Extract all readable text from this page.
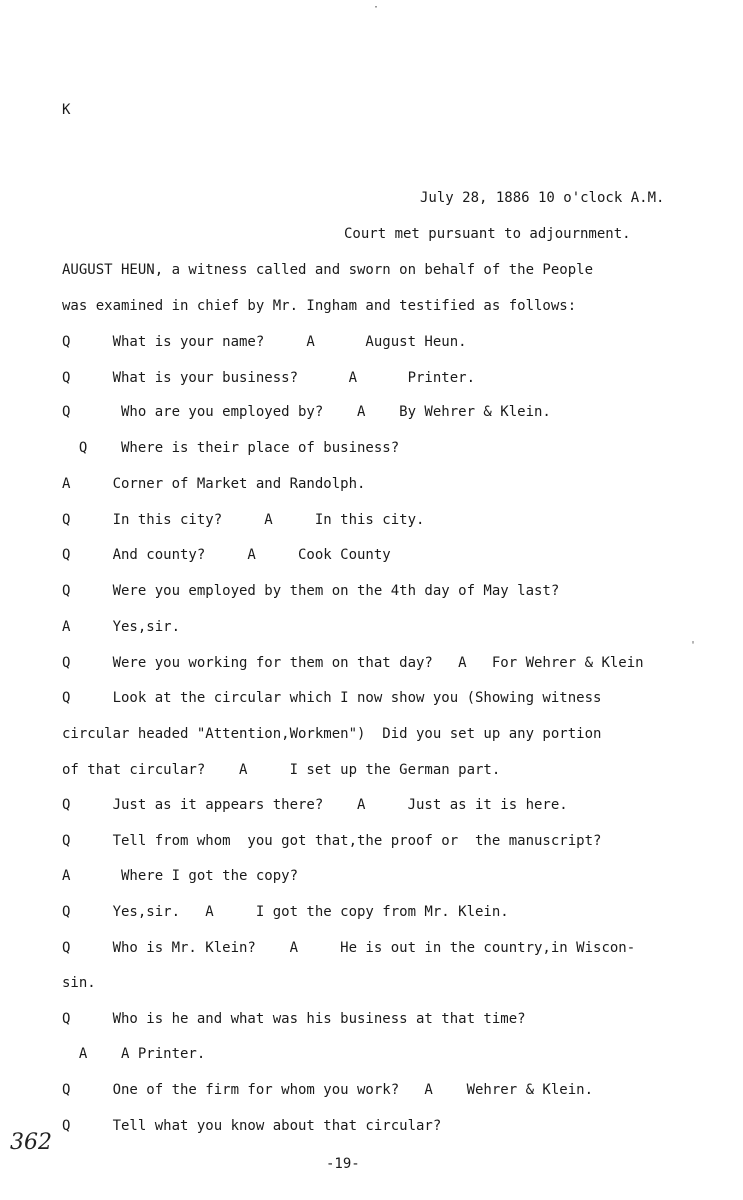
K
July 28, 1886 10 o'clock A.M.
Court met pursuant to adjournment.
AUGUST HEUN, a witness called and sworn on behalf of the People
was examined in chief by Mr. Ingham and testified as follows:
Q     What is your name?     A      August Heun.
Q     What is your business?      A      Printer.
Q      Who are you employed by?    A    By Wehrer & Klein.
Q    Where is their place of business?
A     Corner of Market and Randolph.
Q     In this city?     A     In this city.
Q     And county?     A     Cook County
Q     Were you employed by them on the 4th day of May last?
A     Yes,sir.
Q     Were you working for them on that day?   A   For Wehrer & Klein
Q     Look at the circular which I now show you (Showing witness
circular headed "Attention,Workmen")  Did you set up any portion
of that circular?    A     I set up the German part.
Q     Just as it appears there?    A     Just as it is here.
Q     Tell from whom  you got that,the proof or  the manuscript?
A      Where I got the copy?
Q     Yes,sir.   A     I got the copy from Mr. Klein.
Q     Who is Mr. Klein?    A     He is out in the country,in Wiscon-
sin.
Q     Who is he and what was his business at that time?
A    A Printer.
Q     One of the firm for whom you work?   A    Wehrer & Klein.
Q     Tell what you know about that circular?
362
-19-
·
'
